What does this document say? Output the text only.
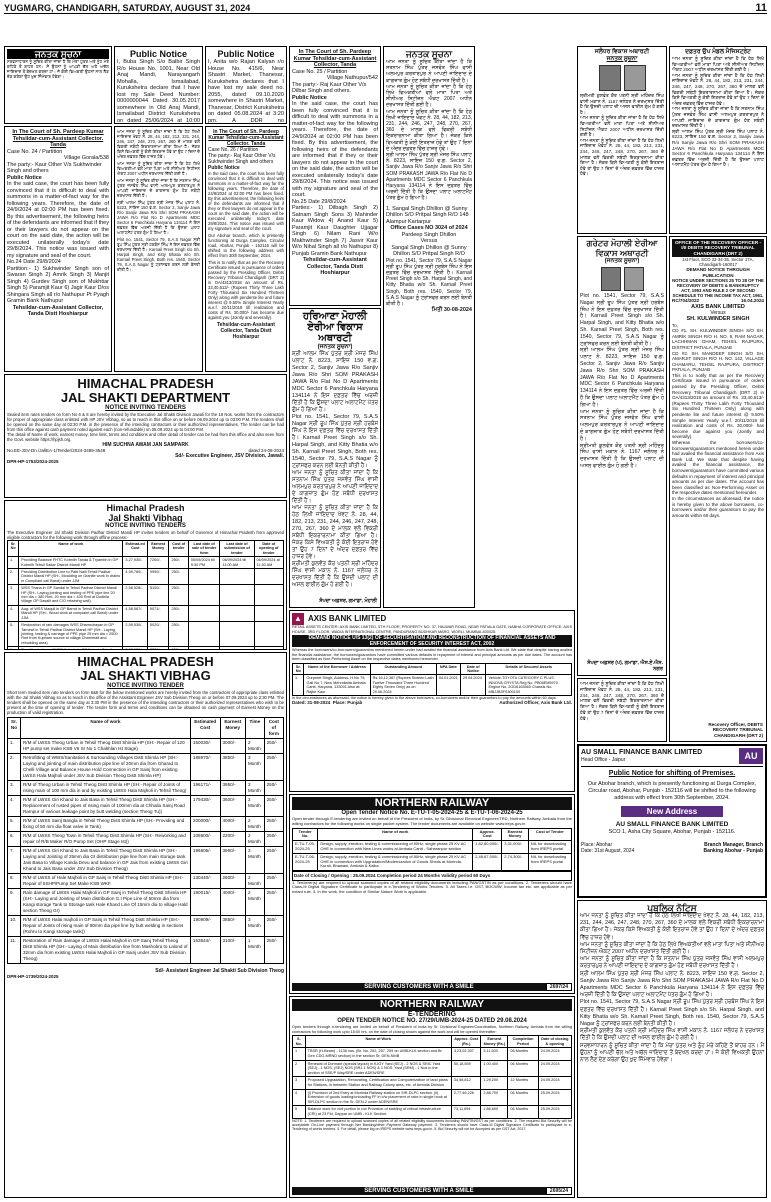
YUGMARG, CHANDIGARH, SATURDAY, AUGUST 31, 2024	11
ਜਨਤਕ ਸੂਚਨਾ
ਸਰਵਸਾਧਾਰਨ ਨੂੰ ਸੂਚਿਤ ਕੀਤਾ ਜਾਂਦਾ ਹੈ ਕਿ ਮੇਰਾ ਪੁੱਤਰ ਅਤੇ ਨੂੰਹ ਮੇਰੇ ਕਹਿਣੇ ਤੋਂ ਬਾਹਰ ਹਨ। ਮੈਂ ਉਹਨਾਂ ਨੂੰ ਆਪਣੀ ਚੱਲ ਅਤੇ ਅਚੱਲ ਜਾਇਦਾਦ ਤੋਂ ਬੇਦਖਲ ਕਰਦਾ ਹਾਂ। ਜੇ ਕੋਈ ਵਿਅਕਤੀ ਉਹਨਾਂ ਨਾਲ ਲੈਣ ਦੇਣ ਕਰੇਗਾ ਉਹ ਖੁਦ ਜਿੰਮੇਵਾਰ ਹੋਵੇਗਾ।
Public Notice
I, Buba Singh S/o Balbir Singh R/o House No. 1001, Near Old Anaj Mandi, Narayangarh Mohalla, Ismailabad, Kurukshetra declare that I have lost my Sale Deed Number: 0000000044 Dated 30.05.2017 somewhere in Old Anaj Mandi, Ismailabad District Kurukshetra on dated 25/06/2024 at 10:00
Public Notice
I, Anita w/o Rajan Kalyan r/o House No. 415/6, Near Shastri Market, Thanesar, Kurukshetra declares that I have lost my sale deed no. 2055, dated 09.10.2020 somewhere in Shastri Market, Thanesar, District Kurukshetra on dated 05.08.2024 at 3:20 pm. A DDR no
In The Court of Sh. Pardeep Kumar Tehsildar-cum-Assistant Collector. Tanda
Case No. 24 / Partition
Village Gorala/538
The party:- Kaur Other V/s Sukhwinder Singh and others
Public Notice
In the said case, the court has been fully convinced that it is difficult to deal with summons in a matter-of-fact way for the following years. Therefore, the date of 24/9/2024 at 02:00 PM has been fixed. By this advertisement, the following heirs of the defendants are informed that if they or their lawyers do not appear on the court on the said date, the action will be executed unilaterally today's date 29/8/2024. This notice was issued with my signature and seal of the court.
No.24 Date 29/8/2024
Partition:- 1) Sukhwinder Singh son of Swaran Singh 2) Amrik Singh 3) Manjit Singh 4) Gurdev Singh son of Mukhtiar Singh 5) Paramjit Kaur 6) Jagir Kaur D/os Shingara Singh all r/o Nathupur Pt Pyagh Gramin Bank Nathupur
Tehsildar-cum-Assistant Collector, Tanda Distt Hoshiarpur
ਆਮ ਜਨਤਾ ਨੂੰ ਸੂਚਿਤ ਕੀਤਾ ਜਾਂਦਾ ਹੈ ਕਿ ਹੇਠ ਲਿਖੀ ਜਾਇਦਾਦ ਖੇਵਟ ਨੰ. 28, 44, 182, 213, 231, 244, 246, 247, 248, 270, 267, 360 ਦੇ ਮਾਲਕ ਵਲੋਂ ਵਿਕਰੀ ਸਬੰਧੀ ਇਕਰਾਰਨਾਮਾ ਕੀਤਾ ਗਿਆ ਹੈ। ਜੇਕਰ ਕਿਸੇ ਵਿਅਕਤੀ ਨੂੰ ਕੋਈ ਇਤਰਾਜ਼ ਹੋਵੇ ਤਾਂ ਉਹ 7 ਦਿਨਾਂ ਦੇ ਅੰਦਰ ਦਫ਼ਤਰ ਵਿੱਚ ਹਾਜ਼ਰ ਹੋਵੇ।
ਆਮ ਜਨਤਾ ਨੂੰ ਸੂਚਿਤ ਕੀਤਾ ਜਾਂਦਾ ਹੈ ਕਿ ਹੇਠ ਲਿਖੇ ਵਿਅਕਤੀਆਂ ਵਲੋਂ ਮਾਤਾ ਪਿਤਾ ਅਤੇ ਸੀਨੀਅਰ ਸਿਟੀਜ਼ਨ ਐਕਟ 2007 ਅਧੀਨ ਦਰਖਾਸਤ ਦਿੱਤੀ ਗਈ ਹੈ।
ਆਮ ਜਨਤਾ ਨੂੰ ਸੂਚਿਤ ਕੀਤਾ ਜਾਂਦਾ ਹੈ ਕਿ ਸਤਨਾਮ ਸਿੰਘ ਪੁੱਤਰ ਜਸਵੰਤ ਸਿੰਘ ਵਾਸੀ ਅਲਮਪੁਰ ਕਰਤਾਰਪੁਰ ਨੇ ਆਪਣੀ ਜਾਇਦਾਦ ਦੇ ਕਾਗਜ਼ਾਤ ਗੁੰਮ ਹੋਣ ਸਬੰਧੀ ਦਰਖਾਸਤ ਦਿੱਤੀ ਹੈ।
ਸ਼੍ਰੀ ਆਲਮ ਸਿੰਘ ਪੁੱਤਰ ਸ਼੍ਰੀ ਮੇਜਰ ਸਿੰਘ ਪਲਾਟ ਨੰ. 8223, ਸਾਇਜ਼ 150 ਵ.ਗ. Sector 2, Sanjiv Jawa R/o Sanjiv Jawa R/o Shri SOM PRAKASH JAWA R/o Flat No D Apartments MDC Sector 6 Panchkula Haryana 134114 ਨੇ ਇਸ ਦਫ਼ਤਰ ਵਿੱਚ ਅਰਜ਼ੀ ਦਿੱਤੀ ਹੈ ਕਿ ਉਸਦਾ ਪਲਾਟ ਅਲਾਟਮੈਂਟ ਪੱਤਰ ਗੁੰਮ ਹੋ ਗਿਆ ਹੈ।
Plot no. 1541, Sector 79, S.A.S Nagar ਸ੍ਰੀ ਰੂਪ ਸਿੰਘ ਪੁੱਤਰ ਸ੍ਰੀ ਹਰਬੰਸ ਸਿੰਘ ਨੇ ਇਸ ਦਫ਼ਤਰ ਵਿੱਚ ਦਰਖਾਸਤ ਦਿੱਤੀ ਹੈ। Karnail Preet Singh s/o Sh. Harpal Singh, and Kitty Bhatia w/o Sh. Karnail Preet Singh, Both res. 1540, Sector 79, S.A.S Nagar ਨੂੰ ਟ੍ਰਾਂਸਫਰ ਕਰਨ ਲਈ ਬੇਨਤੀ ਕੀਤੀ ਹੈ।
In The Court of Sh. Pardeep Kumar Tehsildar-cum-Assistant Collector. Tanda
Case No. 26 / Partition
The party:- Raj Kaur Other V/s Sukhwinder Singh and others
Public Notice
In the said case, the court has been fully convinced that it is difficult to deal with summons in a matter-of-fact way for the following years. Therefore, the date of 24/9/2024 at 02:00 PM has been fixed. By this advertisement, the following heirs of the defendants are informed that if they or their lawyers do not appear in the court on the said date, the action will be executed unilaterally today's date 29/8/2024. This notice was issued with my signature and seal of the court.
Our Abohar branch, which is presently functioning at Durga Complex, Circular road, Abohar, Punjab - 152116 will be shifted to the following address with effect from 30th September, 2024.
This is to notify that as per the Recovery Certificate issued in pursuance of orders passed by the Presiding Officer, Debts Recovery Tribunal Chandigarh (DRT 2) in OA/4313/2018 an amount of Rs. 33,40,613/- (Rupees Thirty Three Lakh Forty Thousand Six Hundred Thirteen Only) along with pendente lite and future interest @ 9.50% Simple Interest Yearly w.e.f. 20/11/2018 till realization and costs of Rs. 30,000/- has become due against you (Jointly and severally).
Tehsildar-cum-Assistant Collector, Tanda Distt Hoshiarpur
HIMACHAL PRADESH
JAL SHAKTI DEPARTMENT
NOTICE INVITING TENDERS
Sealed item rates tenders on form No 6 & 8 are hereby invited by the Executive Jal Shakti Division Jawali for the 18 Nos. works from the contractors for proper of appropriate class enlisted with HP JSV Vibhag, so as to reach in this office on or before 06.09.2024 up to 03:00 P.M. The tenders shall be opened on the same day at 03:30 P.M. in the presence of the intending contractors or their authorized representatives. The tender can be had from this office against cash payment noted against each (non-refundable) on 05.09.2024 up to 04:00 P.M.
The detail of Name of work, earnest money, time limit, terms and conditions and other detail of tender can be had from this office and also seen from the Govt. website https://hpjsh.org.
HIM SUCHNA AWAM JAN SAMPARK
No.EE-JSV-Dn./JallEA-1/Tender/2024-3499-3548	dated 24-08-2024
Sd/- Executive Engineer, JSV Division, Jawali.
DPR-HP-1753/2024-2025
Himachal Pradesh
Jal Shakti Vibhag
NOTICE INVITING TENDERS
The Executive Engineer Jal Shakti Division Padhar District Mandi HP invites tenders on behalf of Governor of Himachal Pradesh from approved eligible contractors for the following work through offline process:-
Sr. No	Name of work	Estimat-ed Cost	Earnest Money	Cost of tender	Last date of sale of tender form	Last date of submission of tender	Date of opening of tender
1.	Providing Balance FHTC Kotmilh Tanda & Tryambh in GP Kotmilh Tehsil Sadar District Mandi HP	3,27,930/-	7200/-	250/-	05/09/2024 till 5:30 PM	06/09/2024 till 11:00 AM	06/09/2024 at 11:30 AM
2.	Providing Distribution Line to Patti Nalli Tehsil Padhar District Mandi HP (SH:- Moulding on Granite work in drains in Compliant call Barot) under JJM	4,99,780/-	9990/-	250/-			
3.	WSS Thana in GP Sandal in Tehsil Padhar District Mandi HP (SH:- Laying jointing and testing of PPE pipe line 20 mm dia = 380 Rmt, 20 mm dia = 400 Rmt at Dudhila village GP Dasalii and C/O retaining wall)	2,58,528/-	5100/-	250/-			
4.	Aug. of WSS Maquil in GP Barrot in Tehsil Padhar District Mandi HP (SH:- Wood work at complaint call Barot) under JJM.	4,58,567/-	9071/-	250/-			
5.	Restoration of rain damages WSS Dharmchayan in GP Tarnewi in Tehsil Padhar District Mandi HP (SH:- Laying, jointing, testing & carriage of PPE pipe 25 mm dia = 2500 Rmt from Kupharn source to village Chammalt and rebuilding area)	2,59,530/-	5020/-	250/-			

HIMACHAL PRADESH
JAL SHAKTI VIBHAG
NOTICE INVITING TENDER
Short term Sealed item rate tenders on form 6&8 for the below mentioned works are hereby invited from the contractors of appropriate class enlisted with the Jal Shakti Vibhag so as to reach in the office of the Assistant Engineer JSV Sub Division Theog on or before 07.09.2024 up to 2:30 PM. The tenders shall be opened on the same day at 3:30 PM in the presence of the intending contractors or their authorized representatives who wish to be present at the time of opening of tender. The tender form and terms and conditions can be obtained on cash payment of Earnest Money on the production of valid registration.
Sr. No	Name of work	Estimated Cost	Earnest Money	Time	Cost of form
1.	R/M of LWSS Theog Urban in Tehsil Theog Distt Shimla HP (SH:- Repair of 120 HP pump set make KSB V6 Sr No 1 Chakhlan Ist Stage)	150030/-	3000/-	2 Month	250/-
2.	Retrofitting of WWS/Sanitation & Surrounding Villages Distt Shimla HP (SH:- Laying and jointing of main distribution pipe line of 20mm dia from Gharad to Chelli Village and Balance House Hold Connection in GP Sainj from existing LWSS Hala Majholi under JSV Sub Division Theog Distt Shimla HP)	188970/-	3850/-	3 Month	250/-
3.	R/M of Theog Urban in Tehsil Theog Distt Shimla HP (SH:- Repair of Joints of rising main of 100 mm dia in and by existing LWSS Hala Majholi in Tehsil Theog)	196171/-	3950/-	3 Month	250/-
4.	R/M of LWSS Giri Khand to Jais Basa in Tehsil Theog Distt Shimla HP (SH:- Replacement of rusted pipes of rising main of 100mm dia at Chhaila Sainj Road Rampur of various leakage point by butt welding (section Theog Tu))	179430/-	3600/-	2 Month	250/-
5.	R/M of LWSS Sainj Bangla in Tehsil Theog Distt Shimla HP (SH:- Providing and fixing of 50 mm dia float valve in Tank)	200000/-	4000/-	2 Month	250/-
6.	R/M of LWSS Theog Town in Tehsil Theog Distt Shimla HP (SH:- Reworking and repair of R/B Maker R/O Pump Set (OHP Stage Ist))	108600/-	2200/-	2 Month	250/-
7.	R/M of LWSS Giri Khand to Jais Basa in Tehsil Theog Distt Shimla HP (SH:- Laying and Jointing of 25mm dia GI distribution pipe line from main storage tank Jais Basa to Village Kanda Devu and balance in GP Jais from existing LWSS Giri Khand to Jais Basa under JSV Sub Division Theog)	196605/-	3950/-	3 Month	250/-
8.	R/M of LWSS of Hale Majholi in GP Sainj in Tehsil Theog Distt Shimla HP (SH:- Repair of 5SHP/Pump Set Make KSB WKF.	130440/-	2600/-	2 Month	250/-
9.	Rain damage of LWSS Halai Majholi in GP Sainj in Tehsil Theog Distt Shimla HP (SH:- Laying and Jointing of Main distribution G.I Pipe Line of 50mm dia from Kangi storage Tank to Storage tank Hale Khand Line Of 15mm dia to village Hald section Theog Gr)	190015/-	4000/-	2 Month	250/-
10.	R/M of LWSS Halai majholi in GP Sainj in Tehsil Theog Distt Shimla HP (SH:- Repair of Joints of rising main of 80mm dia pipe line by butt welding in sections (Rohru to Kangi storage tank))	190909/-	3850/-	3 Month	250/-
11.	Restoration of Rain damage of LWSS Halai Majholi in GP Sainj Tehsil Theog Distt Shimla HP (SH:- Laying of Main distribution line from Mashobra to Lalond of 32mm dia from existing LWSS Halai Majholi in GP Sainj under JSV Sub Division Theog)	153644/-	3100/-	1 Month	250/-
Sd/- Assistant Engineer Jal Shakti Sub Division Theog
DPR-HP-1739/2024-2025
In The Court of Sh. Pardeep Kumar Tehsildar-cum-Assistant Collector, Tanda
Case No. 25 / Partition
Village Nathupur/542
The party:- Raj Kaur Other V/s Dilbar Singh and others.
Public Notice
In the said case, the court has been fully convinced that it is difficult to deal with summons in a matter-of-fact way for the following years. Therefore, the date of 24/9/2024 at 02:00 PM has been fixed. By this advertisement, the following heirs of the defendants are informed that if they or their lawyers do not appear in the court on the said date, the action will be executed unilaterally today's date 29/8/2024. This notice was issued with my signature and seal of the court.
No.25 Date 29/8/2024
Parties:- 1) Dilbagh Singh 2) Satnam Singh Sons 3) Mahinder Kaur Widow 4) Anand Kaur 5) Paramjit Kaur Daughter Ujjagar Singh 6) Nilam Rani W/o Makhwinder Singh 7) Jasvir Kaur W/o Nihal Singh all r/o Nathupur 8) Punjab Gramin Bank Nathupur
Tehsildar-cum-Assistant Collector, Tanda Distt Hoshiarpur
ਹਰਿਆਣਾ ਮੋਹਾਲੀ ਏਰੀਆ ਵਿਕਾਸ ਅਥਾਰਟੀ
(ਜਨਤਕ ਸੂਚਨਾ)
ਸ਼੍ਰੀ ਆਲਮ ਸਿੰਘ ਪੁੱਤਰ ਸ਼੍ਰੀ ਮੇਜਰ ਸਿੰਘ ਪਲਾਟ ਨੰ. 8223, ਸਾਇਜ਼ 150 ਵ.ਗ. Sector 2, Sanjiv Jawa R/o Sanjiv Jawa R/o Shri SOM PRAKASH JAWA R/o Flat No D Apartments MDC Sector 6 Panchkula Haryana 134114 ਨੇ ਇਸ ਦਫ਼ਤਰ ਵਿੱਚ ਅਰਜ਼ੀ ਦਿੱਤੀ ਹੈ ਕਿ ਉਸਦਾ ਪਲਾਟ ਅਲਾਟਮੈਂਟ ਪੱਤਰ ਗੁੰਮ ਹੋ ਗਿਆ ਹੈ।
Plot no. 1541, Sector 79, S.A.S Nagar ਸ੍ਰੀ ਰੂਪ ਸਿੰਘ ਪੁੱਤਰ ਸ੍ਰੀ ਹਰਬੰਸ ਸਿੰਘ ਨੇ ਇਸ ਦਫ਼ਤਰ ਵਿੱਚ ਦਰਖਾਸਤ ਦਿੱਤੀ ਹੈ। Karnail Preet Singh s/o Sh. Harpal Singh, and Kitty Bhatia w/o Sh. Karnail Preet Singh, Both res. 1540, Sector 79, S.A.S Nagar ਨੂੰ ਟ੍ਰਾਂਸਫਰ ਕਰਨ ਲਈ ਬੇਨਤੀ ਕੀਤੀ ਹੈ।
ਆਮ ਜਨਤਾ ਨੂੰ ਸੂਚਿਤ ਕੀਤਾ ਜਾਂਦਾ ਹੈ ਕਿ ਸਤਨਾਮ ਸਿੰਘ ਪੁੱਤਰ ਜਸਵੰਤ ਸਿੰਘ ਵਾਸੀ ਅਲਮਪੁਰ ਕਰਤਾਰਪੁਰ ਨੇ ਆਪਣੀ ਜਾਇਦਾਦ ਦੇ ਕਾਗਜ਼ਾਤ ਗੁੰਮ ਹੋਣ ਸਬੰਧੀ ਦਰਖਾਸਤ ਦਿੱਤੀ ਹੈ।
ਆਮ ਜਨਤਾ ਨੂੰ ਸੂਚਿਤ ਕੀਤਾ ਜਾਂਦਾ ਹੈ ਕਿ ਹੇਠ ਲਿਖੀ ਜਾਇਦਾਦ ਖੇਵਟ ਨੰ. 28, 44, 182, 213, 231, 244, 246, 247, 248, 270, 267, 360 ਦੇ ਮਾਲਕ ਵਲੋਂ ਵਿਕਰੀ ਸਬੰਧੀ ਇਕਰਾਰਨਾਮਾ ਕੀਤਾ ਗਿਆ ਹੈ। ਜੇਕਰ ਕਿਸੇ ਵਿਅਕਤੀ ਨੂੰ ਕੋਈ ਇਤਰਾਜ਼ ਹੋਵੇ ਤਾਂ ਉਹ 7 ਦਿਨਾਂ ਦੇ ਅੰਦਰ ਦਫ਼ਤਰ ਵਿੱਚ ਹਾਜ਼ਰ ਹੋਵੇ।
ਸ਼੍ਰੀਮਤੀ ਕੁਲਵੰਤ ਕੌਰ ਪਤਨੀ ਸ਼੍ਰੀ ਮਹਿੰਦਰ ਸਿੰਘ ਵਾਸੀ ਮਕਾਨ ਨੰ. 1167 ਜਲੰਧਰ ਨੇ ਦਰਖਾਸਤ ਦਿੱਤੀ ਹੈ ਕਿ ਉਸਦੀ ਪਲਾਟ ਦੀ ਅਸਲ ਫਾਈਲ ਗੁੰਮ ਹੋ ਗਈ ਹੈ।
ਸੰਪਦਾ ਅਫ਼ਸਰ, ਗਮਾਡਾ, ਮੋਹਾਲੀ
ਜਨਤਕ ਸੂਚਨਾ
ਆਮ ਜਨਤਾ ਨੂੰ ਸੂਚਿਤ ਕੀਤਾ ਜਾਂਦਾ ਹੈ ਕਿ ਸਤਨਾਮ ਸਿੰਘ ਪੁੱਤਰ ਜਸਵੰਤ ਸਿੰਘ ਵਾਸੀ ਅਲਮਪੁਰ ਕਰਤਾਰਪੁਰ ਨੇ ਆਪਣੀ ਜਾਇਦਾਦ ਦੇ ਕਾਗਜ਼ਾਤ ਗੁੰਮ ਹੋਣ ਸਬੰਧੀ ਦਰਖਾਸਤ ਦਿੱਤੀ ਹੈ।
ਆਮ ਜਨਤਾ ਨੂੰ ਸੂਚਿਤ ਕੀਤਾ ਜਾਂਦਾ ਹੈ ਕਿ ਹੇਠ ਲਿਖੇ ਵਿਅਕਤੀਆਂ ਵਲੋਂ ਮਾਤਾ ਪਿਤਾ ਅਤੇ ਸੀਨੀਅਰ ਸਿਟੀਜ਼ਨ ਐਕਟ 2007 ਅਧੀਨ ਦਰਖਾਸਤ ਦਿੱਤੀ ਗਈ ਹੈ।
ਆਮ ਜਨਤਾ ਨੂੰ ਸੂਚਿਤ ਕੀਤਾ ਜਾਂਦਾ ਹੈ ਕਿ ਹੇਠ ਲਿਖੀ ਜਾਇਦਾਦ ਖੇਵਟ ਨੰ. 28, 44, 182, 213, 231, 244, 246, 247, 248, 270, 267, 360 ਦੇ ਮਾਲਕ ਵਲੋਂ ਵਿਕਰੀ ਸਬੰਧੀ ਇਕਰਾਰਨਾਮਾ ਕੀਤਾ ਗਿਆ ਹੈ। ਜੇਕਰ ਕਿਸੇ ਵਿਅਕਤੀ ਨੂੰ ਕੋਈ ਇਤਰਾਜ਼ ਹੋਵੇ ਤਾਂ ਉਹ 7 ਦਿਨਾਂ ਦੇ ਅੰਦਰ ਦਫ਼ਤਰ ਵਿੱਚ ਹਾਜ਼ਰ ਹੋਵੇ।
ਸ਼੍ਰੀ ਆਲਮ ਸਿੰਘ ਪੁੱਤਰ ਸ਼੍ਰੀ ਮੇਜਰ ਸਿੰਘ ਪਲਾਟ ਨੰ. 8223, ਸਾਇਜ਼ 150 ਵ.ਗ. Sector 2, Sanjiv Jawa R/o Sanjiv Jawa R/o Shri SOM PRAKASH JAWA R/o Flat No D Apartments MDC Sector 6 Panchkula Haryana 134114 ਨੇ ਇਸ ਦਫ਼ਤਰ ਵਿੱਚ ਅਰਜ਼ੀ ਦਿੱਤੀ ਹੈ ਕਿ ਉਸਦਾ ਪਲਾਟ ਅਲਾਟਮੈਂਟ ਪੱਤਰ ਗੁੰਮ ਹੋ ਗਿਆ ਹੈ।
1. Sangal Singh Dhillon @ Sunny Dhillon S/O Pritpal Singh R/O 148 Alampur Kartarpur
Office Cases NO 3024 of 2024
Pardeep Singh Dhillon
Versus
Sangal Singh Dhillon @ Sunny Dhillon S/O Pritpal Singh R/O
Plot no. 1541, Sector 79, S.A.S Nagar ਸ੍ਰੀ ਰੂਪ ਸਿੰਘ ਪੁੱਤਰ ਸ੍ਰੀ ਹਰਬੰਸ ਸਿੰਘ ਨੇ ਇਸ ਦਫ਼ਤਰ ਵਿੱਚ ਦਰਖਾਸਤ ਦਿੱਤੀ ਹੈ। Karnail Preet Singh s/o Sh. Harpal Singh, and Kitty Bhatia w/o Sh. Karnail Preet Singh, Both res. 1540, Sector 79, S.A.S Nagar ਨੂੰ ਟ੍ਰਾਂਸਫਰ ਕਰਨ ਲਈ ਬੇਨਤੀ ਕੀਤੀ ਹੈ।
ਮਿਤੀ 30-08-2024
▲ AXIS BANK LIMITED
RETAIL ASSETS CENTER: AXIS BANK LIMITED, 5TH FLOOR, PROPERTY NO. 37, HALWAR ROAD, NEAR PATIALA GATE, NABHA CORPORATE OFFICE: AXIS HOUSE, 3RD FLOOR, WADIA INTERNATIONAL CENTRE, PANDURANG BUDHKAR MARG, WORLI, MUMBAI-400025.
DEMAND NOTICE U/S 13(2) OF SECURITISATION AND RECONSTRUCTION OF FINANCIAL ASSETS AND ENFORCEMENT OF SECURITY INTEREST ACT, 2002
Whereas the borrowers/co-borrowers/guarantors mentioned herein under had availed the financial assistance from Axis Bank Ltd. We state that despite having availed the financial assistance, the borrowers/guarantors have committed various defaults in repayment of interest and principal amounts as per due dates. The account has been classified as Non-Performing Asset on the respective dates mentioned hereunder.
Sr. No	Name of the Borrower / Address	Outstanding Amount	NPA Date	Date of Notice	Details of Secured Assets
1.	Gurpreet Singh, Address- H.No 79, Gali No 7, New Mehndiatta Ambala Cantt, Haryana, 133001 Also at: Rajbir Kaur	Rs.16,12,387 (Rupees Sixteen Lakh Twelve Thousand Three Hundred Eighty Seven Only) as on 29.06.2024	04.01.2021	29.04.2024	Vehicle-TOYOTA CATEGORY C PLUS INNOVA CRYSTA Reg No. PB08EM5970 Engine No. 2GD6163560 Chassis No. MBJJB3FS400100
In the circumstances as aforesaid, the notice is hereby given to the above borrowers, co-borrowers and/or their guarantors to pay the amounts within 60 days.
Dated: 31-08-2024 Place: Punjab	Authorized Officer, Axis Bank Ltd.
NORTHERN RAILWAY
Open Tender Notice No. E-TU-T-05-2024-25 & E-TU-T-06-2024-25
Open tender through E-tendering are invited on behalf of the President of India, by Sr. Divisional Electrical Engineer/TRD, Northern Railway, Ambala from the willing contractors for the following works on single packet system. The tender documents are available on website www.ireps.gov.in
Tender No.	Name of work	Approx. Cost	Earnest Money	Cost of Tender
E-TU-T-05-2024-25	Design, supply, erection, testing & commissioning of 80Hz, single phase 25 KV AC OHE in connection with New Lines works at Ambala Cantt - Saharanpur section	1,82,80,000/-	3,31,000/-	NIL for downloading from IREPS portal
E-TU-T-06-2024-25	Design, supply, erection, testing & commissioning of 80Hz, single phase 25 KV AC OHE in connection with Upgradation/Modernization of Goods Sheds at Morinda, Kurali, Bhawani, Ambala & Kalka	2,48,67,000/-	2,74,300/-	NIL for downloading from IREPS portal
Date of Closing / Opening : 25.09.2024 Completion period 24 Months Validity period 60 Days
1. Tenderer(s) are required to upload scanned copies of all related eligibility documents including PAN/GSTIN as per conditions. 2. Tenderers should have Class-III Digital Signature Certificate to participate in e-Tendering of Works Tenders. 3. All Taxes i.e. GST, BOCWW, Income tax etc. are applicable as per extant rule. 4. In the work, the condition of Similar Nature Work is applicable.
SERVING CUSTOMERS WITH A SMILE	2697/24
NORTHERN RAILWAY
E-TENDERING
OPEN TENDER NOTICE NO. 27/29/UMB-2024-25 DATED 29.08.2024
Open tenders through e-tendering are invited on behalf of President of India by Sr. Divisional Engineer/Coordination, Northern Railway, Ambala from the willing contractors for following work upto 15:00 hrs. on the date of closing shown against the work and will be opened thereafter:
S. No.	Name of Work	Approx. Cost (Rs.)	Earnest Money (Rs.)	Completion Period	Date of closing & opening
1	TBSR (H-Beam) - 1136 nos. (Br. No. 252, 257, 259 on UMB-KLK section and Br. Gen CDO-MRND section) in the section Sr. DEN-NMB	3,23,02,307	3,11,500	06 Months	24.09.2024
2	Renewal of Dormant (special layout) in KJGY Yard (SEJ) - 2 NOS & SRIC Yard (SEJ) - 1 NOS, (SEJ) NOS (SRJ-1 NOS) & 1 NOS. Yard (SRM) - 1 Nos in the section of SSE/P Way/SRE under ADEN/SRE	50,18,559	1,00,400	06 Months	24.09.2024
3	Proposed Upgradation, Renovating, Certification and Computerization of land plans for Stations, in between Station and Railway Colony area, etc. of Ambala Division	34,58,812	1,29,200	12 Months	24.09.2024
4	(i) Provision of 2nd Entry at Morinda Railway station on SIR-DLPC section. (ii) Extension of goods loading/unloading FF in c/w placement of rake in single hook at SIR-DLPC section in the Sr. DEN-2 under ADEN/SRE	2,77,46,226	2,88,700	06 Months	25.09.2024
5	Balance work for civil portion in c/w Provision of stabling of critical infrastructure (CRI) at 23 Fld, Dappar on UMB - KLK Section.	73,11,694	1,86,600	06 Months	25.09.2024
NOTE: 1. Tenderers are required to upload scanned copies of all related eligibility documents including PAN/TIN/GST as per conditions. 2. The required Bid Security will be acceptable On-Line payment through Net Banking/other Payment Gateway payment. 3. Tenderers should have Class-III Digital Signature Certificate to participate in e-Tendering of works tenders. 4. For detail, please log on IREPS website www.ireps.gov.in. 5. Bid Security will not be Accepted as per GST Act, 2017.
SERVING CUSTOMERS WITH A SMILE	2695/24
ਜਲੰਧਰ ਵਿਕਾਸ ਅਥਾਰਟੀ
ਜਨਤਕ ਸੂਚਨਾ
ਸ਼੍ਰੀਮਤੀ ਕੁਲਵੰਤ ਕੌਰ ਪਤਨੀ ਸ਼੍ਰੀ ਮਹਿੰਦਰ ਸਿੰਘ ਵਾਸੀ ਮਕਾਨ ਨੰ. 1167 ਜਲੰਧਰ ਨੇ ਦਰਖਾਸਤ ਦਿੱਤੀ ਹੈ ਕਿ ਉਸਦੀ ਪਲਾਟ ਦੀ ਅਸਲ ਫਾਈਲ ਗੁੰਮ ਹੋ ਗਈ ਹੈ।
ਆਮ ਜਨਤਾ ਨੂੰ ਸੂਚਿਤ ਕੀਤਾ ਜਾਂਦਾ ਹੈ ਕਿ ਹੇਠ ਲਿਖੇ ਵਿਅਕਤੀਆਂ ਵਲੋਂ ਮਾਤਾ ਪਿਤਾ ਅਤੇ ਸੀਨੀਅਰ ਸਿਟੀਜ਼ਨ ਐਕਟ 2007 ਅਧੀਨ ਦਰਖਾਸਤ ਦਿੱਤੀ ਗਈ ਹੈ।
ਆਮ ਜਨਤਾ ਨੂੰ ਸੂਚਿਤ ਕੀਤਾ ਜਾਂਦਾ ਹੈ ਕਿ ਹੇਠ ਲਿਖੀ ਜਾਇਦਾਦ ਖੇਵਟ ਨੰ. 28, 44, 182, 213, 231, 244, 246, 247, 248, 270, 267, 360 ਦੇ ਮਾਲਕ ਵਲੋਂ ਵਿਕਰੀ ਸਬੰਧੀ ਇਕਰਾਰਨਾਮਾ ਕੀਤਾ ਗਿਆ ਹੈ। ਜੇਕਰ ਕਿਸੇ ਵਿਅਕਤੀ ਨੂੰ ਕੋਈ ਇਤਰਾਜ਼ ਹੋਵੇ ਤਾਂ ਉਹ 7 ਦਿਨਾਂ ਦੇ ਅੰਦਰ ਦਫ਼ਤਰ ਵਿੱਚ ਹਾਜ਼ਰ ਹੋਵੇ।
ਦਫ਼ਤਰ ਉਪ ਮੰਡਲ ਮੈਜਿਸਟ੍ਰੇਟ
ਆਮ ਜਨਤਾ ਨੂੰ ਸੂਚਿਤ ਕੀਤਾ ਜਾਂਦਾ ਹੈ ਕਿ ਹੇਠ ਲਿਖੇ ਵਿਅਕਤੀਆਂ ਵਲੋਂ ਮਾਤਾ ਪਿਤਾ ਅਤੇ ਸੀਨੀਅਰ ਸਿਟੀਜ਼ਨ ਐਕਟ 2007 ਅਧੀਨ ਦਰਖਾਸਤ ਦਿੱਤੀ ਗਈ ਹੈ।
ਆਮ ਜਨਤਾ ਨੂੰ ਸੂਚਿਤ ਕੀਤਾ ਜਾਂਦਾ ਹੈ ਕਿ ਹੇਠ ਲਿਖੀ ਜਾਇਦਾਦ ਖੇਵਟ ਨੰ. 28, 44, 182, 213, 231, 244, 246, 247, 248, 270, 267, 360 ਦੇ ਮਾਲਕ ਵਲੋਂ ਵਿਕਰੀ ਸਬੰਧੀ ਇਕਰਾਰਨਾਮਾ ਕੀਤਾ ਗਿਆ ਹੈ। ਜੇਕਰ ਕਿਸੇ ਵਿਅਕਤੀ ਨੂੰ ਕੋਈ ਇਤਰਾਜ਼ ਹੋਵੇ ਤਾਂ ਉਹ 7 ਦਿਨਾਂ ਦੇ ਅੰਦਰ ਦਫ਼ਤਰ ਵਿੱਚ ਹਾਜ਼ਰ ਹੋਵੇ।
ਆਮ ਜਨਤਾ ਨੂੰ ਸੂਚਿਤ ਕੀਤਾ ਜਾਂਦਾ ਹੈ ਕਿ ਸਤਨਾਮ ਸਿੰਘ ਪੁੱਤਰ ਜਸਵੰਤ ਸਿੰਘ ਵਾਸੀ ਅਲਮਪੁਰ ਕਰਤਾਰਪੁਰ ਨੇ ਆਪਣੀ ਜਾਇਦਾਦ ਦੇ ਕਾਗਜ਼ਾਤ ਗੁੰਮ ਹੋਣ ਸਬੰਧੀ ਦਰਖਾਸਤ ਦਿੱਤੀ ਹੈ।
ਸ਼੍ਰੀ ਆਲਮ ਸਿੰਘ ਪੁੱਤਰ ਸ਼੍ਰੀ ਮੇਜਰ ਸਿੰਘ ਪਲਾਟ ਨੰ. 8223, ਸਾਇਜ਼ 150 ਵ.ਗ. Sector 2, Sanjiv Jawa R/o Sanjiv Jawa R/o Shri SOM PRAKASH JAWA R/o Flat No D Apartments MDC Sector 6 Panchkula Haryana 134114 ਨੇ ਇਸ ਦਫ਼ਤਰ ਵਿੱਚ ਅਰਜ਼ੀ ਦਿੱਤੀ ਹੈ ਕਿ ਉਸਦਾ ਪਲਾਟ ਅਲਾਟਮੈਂਟ ਪੱਤਰ ਗੁੰਮ ਹੋ ਗਿਆ ਹੈ।
ਗਰੇਟਰ ਮੋਹਾਲੀ ਏਰੀਆ ਵਿਕਾਸ ਅਥਾਰਟੀ
(ਜਨਤਕ ਸੂਚਨਾ)
Plot no. 1541, Sector 79, S.A.S Nagar ਸ੍ਰੀ ਰੂਪ ਸਿੰਘ ਪੁੱਤਰ ਸ੍ਰੀ ਹਰਬੰਸ ਸਿੰਘ ਨੇ ਇਸ ਦਫ਼ਤਰ ਵਿੱਚ ਦਰਖਾਸਤ ਦਿੱਤੀ ਹੈ। Karnail Preet Singh s/o Sh. Harpal Singh, and Kitty Bhatia w/o Sh. Karnail Preet Singh, Both res. 1540, Sector 79, S.A.S Nagar ਨੂੰ ਟ੍ਰਾਂਸਫਰ ਕਰਨ ਲਈ ਬੇਨਤੀ ਕੀਤੀ ਹੈ।
ਸ਼੍ਰੀ ਆਲਮ ਸਿੰਘ ਪੁੱਤਰ ਸ਼੍ਰੀ ਮੇਜਰ ਸਿੰਘ ਪਲਾਟ ਨੰ. 8223, ਸਾਇਜ਼ 150 ਵ.ਗ. Sector 2, Sanjiv Jawa R/o Sanjiv Jawa R/o Shri SOM PRAKASH JAWA R/o Flat No D Apartments MDC Sector 6 Panchkula Haryana 134114 ਨੇ ਇਸ ਦਫ਼ਤਰ ਵਿੱਚ ਅਰਜ਼ੀ ਦਿੱਤੀ ਹੈ ਕਿ ਉਸਦਾ ਪਲਾਟ ਅਲਾਟਮੈਂਟ ਪੱਤਰ ਗੁੰਮ ਹੋ ਗਿਆ ਹੈ।
ਆਮ ਜਨਤਾ ਨੂੰ ਸੂਚਿਤ ਕੀਤਾ ਜਾਂਦਾ ਹੈ ਕਿ ਸਤਨਾਮ ਸਿੰਘ ਪੁੱਤਰ ਜਸਵੰਤ ਸਿੰਘ ਵਾਸੀ ਅਲਮਪੁਰ ਕਰਤਾਰਪੁਰ ਨੇ ਆਪਣੀ ਜਾਇਦਾਦ ਦੇ ਕਾਗਜ਼ਾਤ ਗੁੰਮ ਹੋਣ ਸਬੰਧੀ ਦਰਖਾਸਤ ਦਿੱਤੀ ਹੈ।
ਸ਼੍ਰੀਮਤੀ ਕੁਲਵੰਤ ਕੌਰ ਪਤਨੀ ਸ਼੍ਰੀ ਮਹਿੰਦਰ ਸਿੰਘ ਵਾਸੀ ਮਕਾਨ ਨੰ. 1167 ਜਲੰਧਰ ਨੇ ਦਰਖਾਸਤ ਦਿੱਤੀ ਹੈ ਕਿ ਉਸਦੀ ਪਲਾਟ ਦੀ ਅਸਲ ਫਾਈਲ ਗੁੰਮ ਹੋ ਗਈ ਹੈ।
ਸੰਪਦਾ ਅਫ਼ਸਰ (ਪ), ਗਮਾਡਾ, ਐਸ.ਏ.ਐਸ. ਨਗਰ
OFFICE OF THE RECOVERY OFFICER - I/II DEBTS RECOVERY TRIBUNAL CHANDIGARH (DRT 2)
1st Floor, SCO 33-34-35, Sector 17A, Chandigarh-160017
DEMAND NOTICE THROUGH PUBLICATION
NOTICE UNDER SECTIONS 25 TO 28 OF THE RECOVERY OF DEBTS & BANKRUPTCY ACT, 1993 AND RULE 2 OF SECOND SCHEDULE TO THE INCOME TAX ACT, 1961.
RC/704/2022	16.04.2024
AXIS BANK LIMITED
Versus
SH. KULWINDER SINGH
To,
CD #1. SH. KULWINDER SINGH S/O SH. AMRIK SINGH R/O H. NO. 9, RAM NAGAR, LACHHMAN DHAM, TEHSIL RAJPURA, DISTRICT PATIALA, PUNJAB
CD #2. SH. MANDEEP SINGH S/O SH. AMARJIT SINGH R/O H. NO. 142, VILLAGE CHAMARU, TEHSIL RAJPURA, DISTRICT PATIALA, PUNJAB
This is to notify that as per the Recovery Certificate issued in pursuance of orders passed by the Presiding Officer, Debts Recovery Tribunal Chandigarh (DRT 2) in OA/4313/2018 an amount of Rs. 33,40,613/- (Rupees Thirty Three Lakh Forty Thousand Six Hundred Thirteen Only) along with pendente lite and future interest @ 9.50% Simple Interest Yearly w.e.f. 20/11/2018 till realization and costs of Rs. 30,000/- has become due against you (Jointly and severally).
Whereas the borrowers/co-borrowers/guarantors mentioned herein under had availed the financial assistance from Axis Bank Ltd. We state that despite having availed the financial assistance, the borrowers/guarantors have committed various defaults in repayment of interest and principal amounts as per due dates. The account has been classified as Non-Performing Asset on the respective dates mentioned hereunder.
In the circumstances as aforesaid, the notice is hereby given to the above borrowers, co-borrowers and/or their guarantors to pay the amounts within 60 days.
Recovery Officer, DEBTS RECOVERY TRIBUNAL CHANDIGARH (DRT 2)
ਆਮ ਜਨਤਾ ਨੂੰ ਸੂਚਿਤ ਕੀਤਾ ਜਾਂਦਾ ਹੈ ਕਿ ਹੇਠ ਲਿਖੀ ਜਾਇਦਾਦ ਖੇਵਟ ਨੰ. 28, 44, 182, 213, 231, 244, 246, 247, 248, 270, 267, 360 ਦੇ ਮਾਲਕ ਵਲੋਂ ਵਿਕਰੀ ਸਬੰਧੀ ਇਕਰਾਰਨਾਮਾ ਕੀਤਾ ਗਿਆ ਹੈ। ਜੇਕਰ ਕਿਸੇ ਵਿਅਕਤੀ ਨੂੰ ਕੋਈ ਇਤਰਾਜ਼ ਹੋਵੇ ਤਾਂ ਉਹ 7 ਦਿਨਾਂ ਦੇ ਅੰਦਰ ਦਫ਼ਤਰ ਵਿੱਚ ਹਾਜ਼ਰ ਹੋਵੇ।
AU SMALL FINANCE BANK LIMITED
Head Office - Jaipur	AU
Public Notice for shifting of Premises.
Our Abohar branch, which is presently functioning at Durga Complex, Circular road, Abohar, Punjab - 152116 will be shifted to the following address with effect from 30th September, 2024.
New Address
AU SMALL FINANCE BANK LIMITED
SCO 1, Asha City Square, Abohar, Punjab - 152116.
Place: Abohar
Date: 31st August, 2024
Branch Manager, Branch Banking Abohar - Punjab
ਪਬਲਿਕ ਨੋਟਿਸ
ਆਮ ਜਨਤਾ ਨੂੰ ਸੂਚਿਤ ਕੀਤਾ ਜਾਂਦਾ ਹੈ ਕਿ ਹੇਠ ਲਿਖੀ ਜਾਇਦਾਦ ਖੇਵਟ ਨੰ. 28, 44, 182, 213, 231, 244, 246, 247, 248, 270, 267, 360 ਦੇ ਮਾਲਕ ਵਲੋਂ ਵਿਕਰੀ ਸਬੰਧੀ ਇਕਰਾਰਨਾਮਾ ਕੀਤਾ ਗਿਆ ਹੈ। ਜੇਕਰ ਕਿਸੇ ਵਿਅਕਤੀ ਨੂੰ ਕੋਈ ਇਤਰਾਜ਼ ਹੋਵੇ ਤਾਂ ਉਹ 7 ਦਿਨਾਂ ਦੇ ਅੰਦਰ ਦਫ਼ਤਰ ਵਿੱਚ ਹਾਜ਼ਰ ਹੋਵੇ।
ਆਮ ਜਨਤਾ ਨੂੰ ਸੂਚਿਤ ਕੀਤਾ ਜਾਂਦਾ ਹੈ ਕਿ ਹੇਠ ਲਿਖੇ ਵਿਅਕਤੀਆਂ ਵਲੋਂ ਮਾਤਾ ਪਿਤਾ ਅਤੇ ਸੀਨੀਅਰ ਸਿਟੀਜ਼ਨ ਐਕਟ 2007 ਅਧੀਨ ਦਰਖਾਸਤ ਦਿੱਤੀ ਗਈ ਹੈ।
ਆਮ ਜਨਤਾ ਨੂੰ ਸੂਚਿਤ ਕੀਤਾ ਜਾਂਦਾ ਹੈ ਕਿ ਸਤਨਾਮ ਸਿੰਘ ਪੁੱਤਰ ਜਸਵੰਤ ਸਿੰਘ ਵਾਸੀ ਅਲਮਪੁਰ ਕਰਤਾਰਪੁਰ ਨੇ ਆਪਣੀ ਜਾਇਦਾਦ ਦੇ ਕਾਗਜ਼ਾਤ ਗੁੰਮ ਹੋਣ ਸਬੰਧੀ ਦਰਖਾਸਤ ਦਿੱਤੀ ਹੈ।
ਸ਼੍ਰੀ ਆਲਮ ਸਿੰਘ ਪੁੱਤਰ ਸ਼੍ਰੀ ਮੇਜਰ ਸਿੰਘ ਪਲਾਟ ਨੰ. 8223, ਸਾਇਜ਼ 150 ਵ.ਗ. Sector 2, Sanjiv Jawa R/o Sanjiv Jawa R/o Shri SOM PRAKASH JAWA R/o Flat No D Apartments MDC Sector 6 Panchkula Haryana 134114 ਨੇ ਇਸ ਦਫ਼ਤਰ ਵਿੱਚ ਅਰਜ਼ੀ ਦਿੱਤੀ ਹੈ ਕਿ ਉਸਦਾ ਪਲਾਟ ਅਲਾਟਮੈਂਟ ਪੱਤਰ ਗੁੰਮ ਹੋ ਗਿਆ ਹੈ।
Plot no. 1541, Sector 79, S.A.S Nagar ਸ੍ਰੀ ਰੂਪ ਸਿੰਘ ਪੁੱਤਰ ਸ੍ਰੀ ਹਰਬੰਸ ਸਿੰਘ ਨੇ ਇਸ ਦਫ਼ਤਰ ਵਿੱਚ ਦਰਖਾਸਤ ਦਿੱਤੀ ਹੈ। Karnail Preet Singh s/o Sh. Harpal Singh, and Kitty Bhatia w/o Sh. Karnail Preet Singh, Both res. 1540, Sector 79, S.A.S Nagar ਨੂੰ ਟ੍ਰਾਂਸਫਰ ਕਰਨ ਲਈ ਬੇਨਤੀ ਕੀਤੀ ਹੈ।
ਸ਼੍ਰੀਮਤੀ ਕੁਲਵੰਤ ਕੌਰ ਪਤਨੀ ਸ਼੍ਰੀ ਮਹਿੰਦਰ ਸਿੰਘ ਵਾਸੀ ਮਕਾਨ ਨੰ. 1167 ਜਲੰਧਰ ਨੇ ਦਰਖਾਸਤ ਦਿੱਤੀ ਹੈ ਕਿ ਉਸਦੀ ਪਲਾਟ ਦੀ ਅਸਲ ਫਾਈਲ ਗੁੰਮ ਹੋ ਗਈ ਹੈ।
ਸਰਵਸਾਧਾਰਨ ਨੂੰ ਸੂਚਿਤ ਕੀਤਾ ਜਾਂਦਾ ਹੈ ਕਿ ਮੇਰਾ ਪੁੱਤਰ ਅਤੇ ਨੂੰਹ ਮੇਰੇ ਕਹਿਣੇ ਤੋਂ ਬਾਹਰ ਹਨ। ਮੈਂ ਉਹਨਾਂ ਨੂੰ ਆਪਣੀ ਚੱਲ ਅਤੇ ਅਚੱਲ ਜਾਇਦਾਦ ਤੋਂ ਬੇਦਖਲ ਕਰਦਾ ਹਾਂ। ਜੇ ਕੋਈ ਵਿਅਕਤੀ ਉਹਨਾਂ ਨਾਲ ਲੈਣ ਦੇਣ ਕਰੇਗਾ ਉਹ ਖੁਦ ਜਿੰਮੇਵਾਰ ਹੋਵੇਗਾ।
